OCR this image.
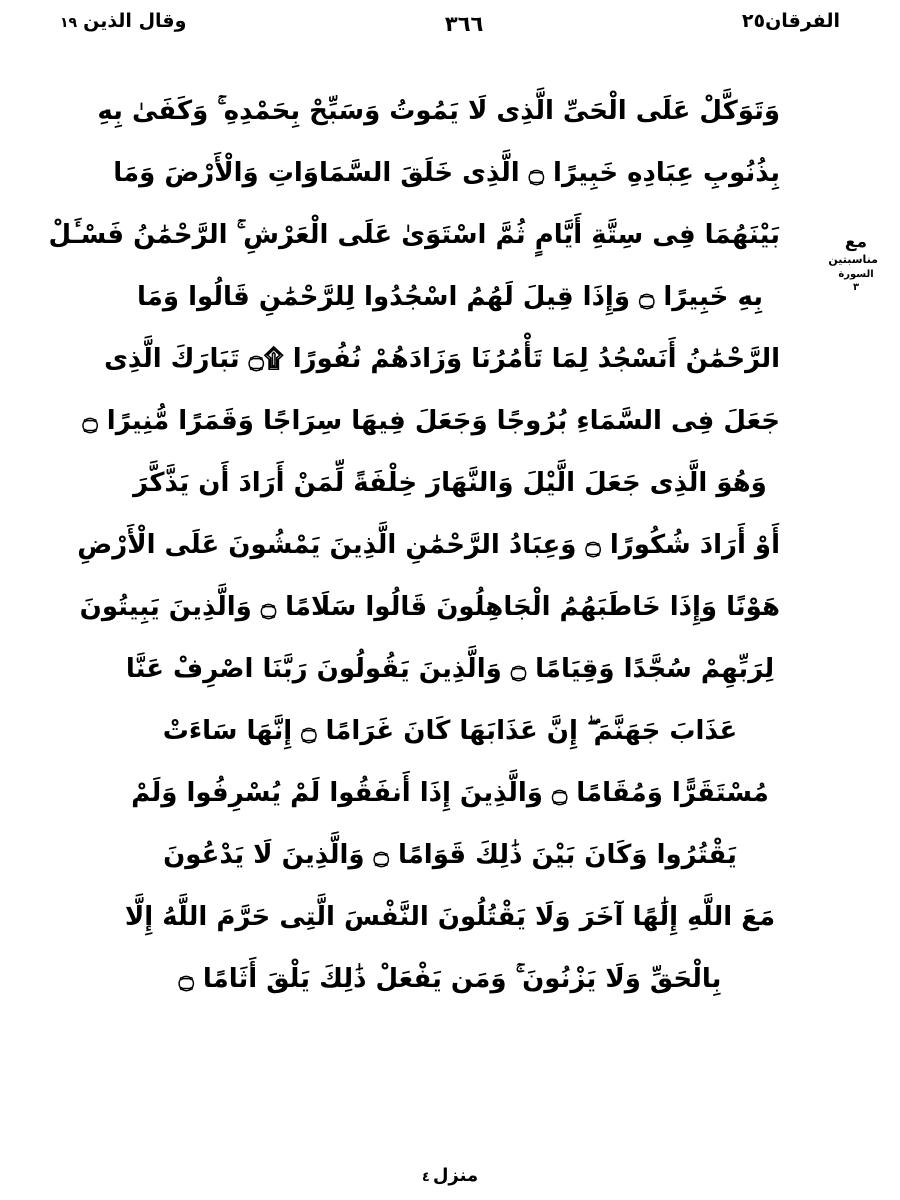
الفرقان٢٥
٣٦٦
وقال الذين
١٩
وَتَوَكَّلْ عَلَى الْحَىِّ الَّذِى لَا يَمُوتُ وَسَبِّحْ بِحَمْدِهِ ۚ وَكَفَىٰ بِهِ
بِذُنُوبِ عِبَادِهِ خَبِيرًا ۝ الَّذِى خَلَقَ السَّمَاوَاتِ وَالْأَرْضَ وَمَا
بَيْنَهُمَا فِى سِتَّةِ أَيَّامٍ ثُمَّ اسْتَوَىٰ عَلَى الْعَرْشِ ۚ الرَّحْمَٰنُ فَسْـَٔلْ
بِهِ خَبِيرًا ۝ وَإِذَا قِيلَ لَهُمُ اسْجُدُوا لِلرَّحْمَٰنِ قَالُوا وَمَا
الرَّحْمَٰنُ أَنَسْجُدُ لِمَا تَأْمُرُنَا وَزَادَهُمْ نُفُورًا ۩۝ تَبَارَكَ الَّذِى
جَعَلَ فِى السَّمَاءِ بُرُوجًا وَجَعَلَ فِيهَا سِرَاجًا وَقَمَرًا مُّنِيرًا ۝
وَهُوَ الَّذِى جَعَلَ الَّيْلَ وَالنَّهَارَ خِلْفَةً لِّمَنْ أَرَادَ أَن يَذَّكَّرَ
أَوْ أَرَادَ شُكُورًا ۝ وَعِبَادُ الرَّحْمَٰنِ الَّذِينَ يَمْشُونَ عَلَى الْأَرْضِ
هَوْنًا وَإِذَا خَاطَبَهُمُ الْجَاهِلُونَ قَالُوا سَلَامًا ۝ وَالَّذِينَ يَبِيتُونَ
لِرَبِّهِمْ سُجَّدًا وَقِيَامًا ۝ وَالَّذِينَ يَقُولُونَ رَبَّنَا اصْرِفْ عَنَّا
عَذَابَ جَهَنَّمَ ۖ إِنَّ عَذَابَهَا كَانَ غَرَامًا ۝ إِنَّهَا سَاءَتْ
مُسْتَقَرًّا وَمُقَامًا ۝ وَالَّذِينَ إِذَا أَنفَقُوا لَمْ يُسْرِفُوا وَلَمْ
يَقْتُرُوا وَكَانَ بَيْنَ ذَٰلِكَ قَوَامًا ۝ وَالَّذِينَ لَا يَدْعُونَ
مَعَ اللَّهِ إِلَٰهًا آخَرَ وَلَا يَقْتُلُونَ النَّفْسَ الَّتِى حَرَّمَ اللَّهُ إِلَّا
بِالْحَقِّ وَلَا يَزْنُونَ ۚ وَمَن يَفْعَلْ ذَٰلِكَ يَلْقَ أَثَامًا ۝
مع
مناسبتين
السورة
٣
منزل
٤
